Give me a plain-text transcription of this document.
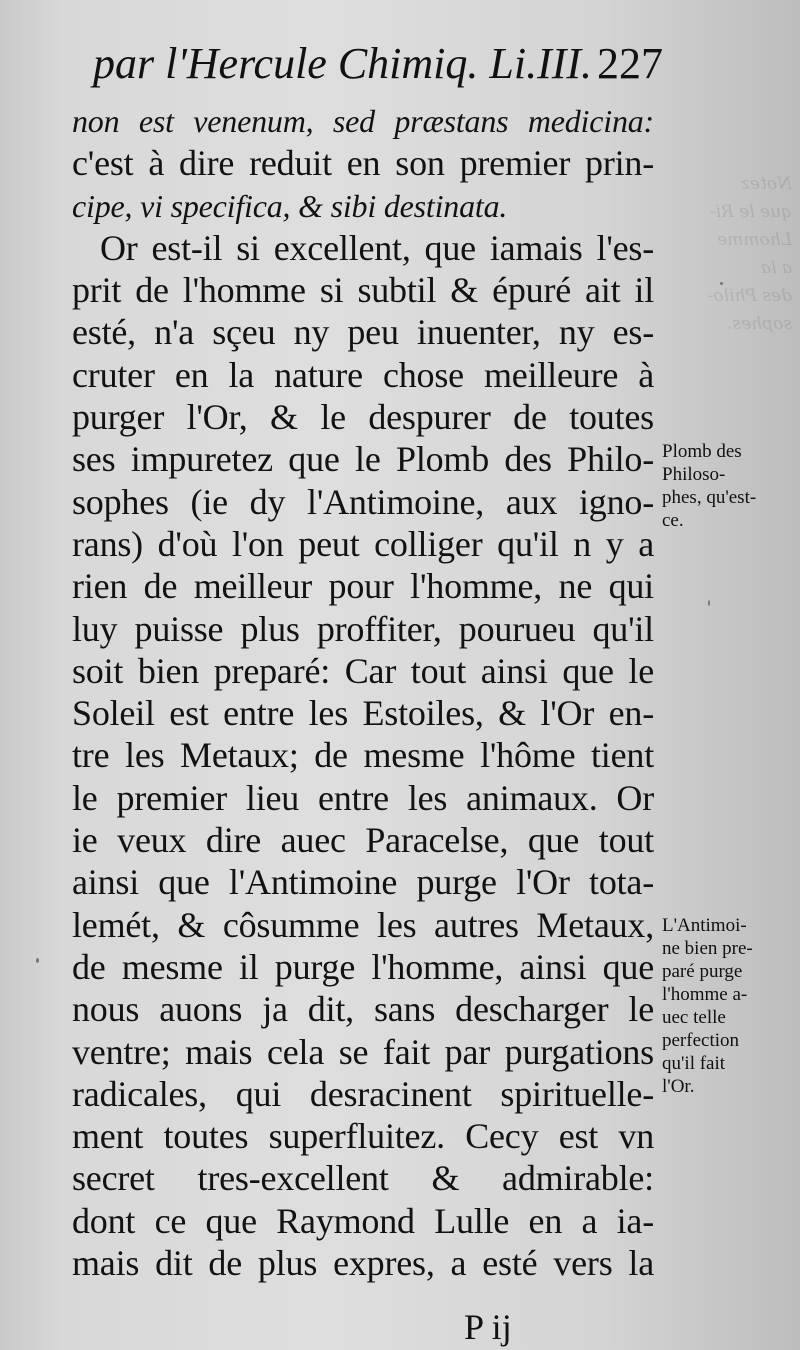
Notez
que le Ri-
Lhomme
a la
des Philo-
sophes.
par l'Hercule Chimiq. Li.III. 227
non est venenum, sed præstans medicina:
c'est à dire reduit en son premier prin-
cipe, vi specifica, & sibi destinata.
Or est-il si excellent, que iamais l'es-
prit de l'homme si subtil & épuré ait il
esté, n'a sçeu ny peu inuenter, ny es-
cruter en la nature chose meilleure à
purger l'Or, & le despurer de toutes
ses impuretez que le Plomb des Philo-
sophes (ie dy l'Antimoine, aux igno-
rans) d'où l'on peut colliger qu'il n y a
rien de meilleur pour l'homme, ne qui
luy puisse plus proffiter, pourueu qu'il
soit bien preparé: Car tout ainsi que le
Soleil est entre les Estoiles, & l'Or en-
tre les Metaux; de mesme l'hôme tient
le premier lieu entre les animaux. Or
ie veux dire auec Paracelse, que tout
ainsi que l'Antimoine purge l'Or tota-
lemét, & côsumme les autres Metaux,
de mesme il purge l'homme, ainsi que
nous auons ja dit, sans descharger le
ventre; mais cela se fait par purgations
radicales, qui desracinent spirituelle-
ment toutes superfluitez. Cecy est vn
secret tres-excellent & admirable:
dont ce que Raymond Lulle en a ia-
mais dit de plus expres, a esté vers la
Plomb des
Philoso-
phes, qu'est-
ce.
L'Antimoi-
ne bien pre-
paré purge
l'homme a-
uec telle
perfection
qu'il fait
l'Or.
P ij
